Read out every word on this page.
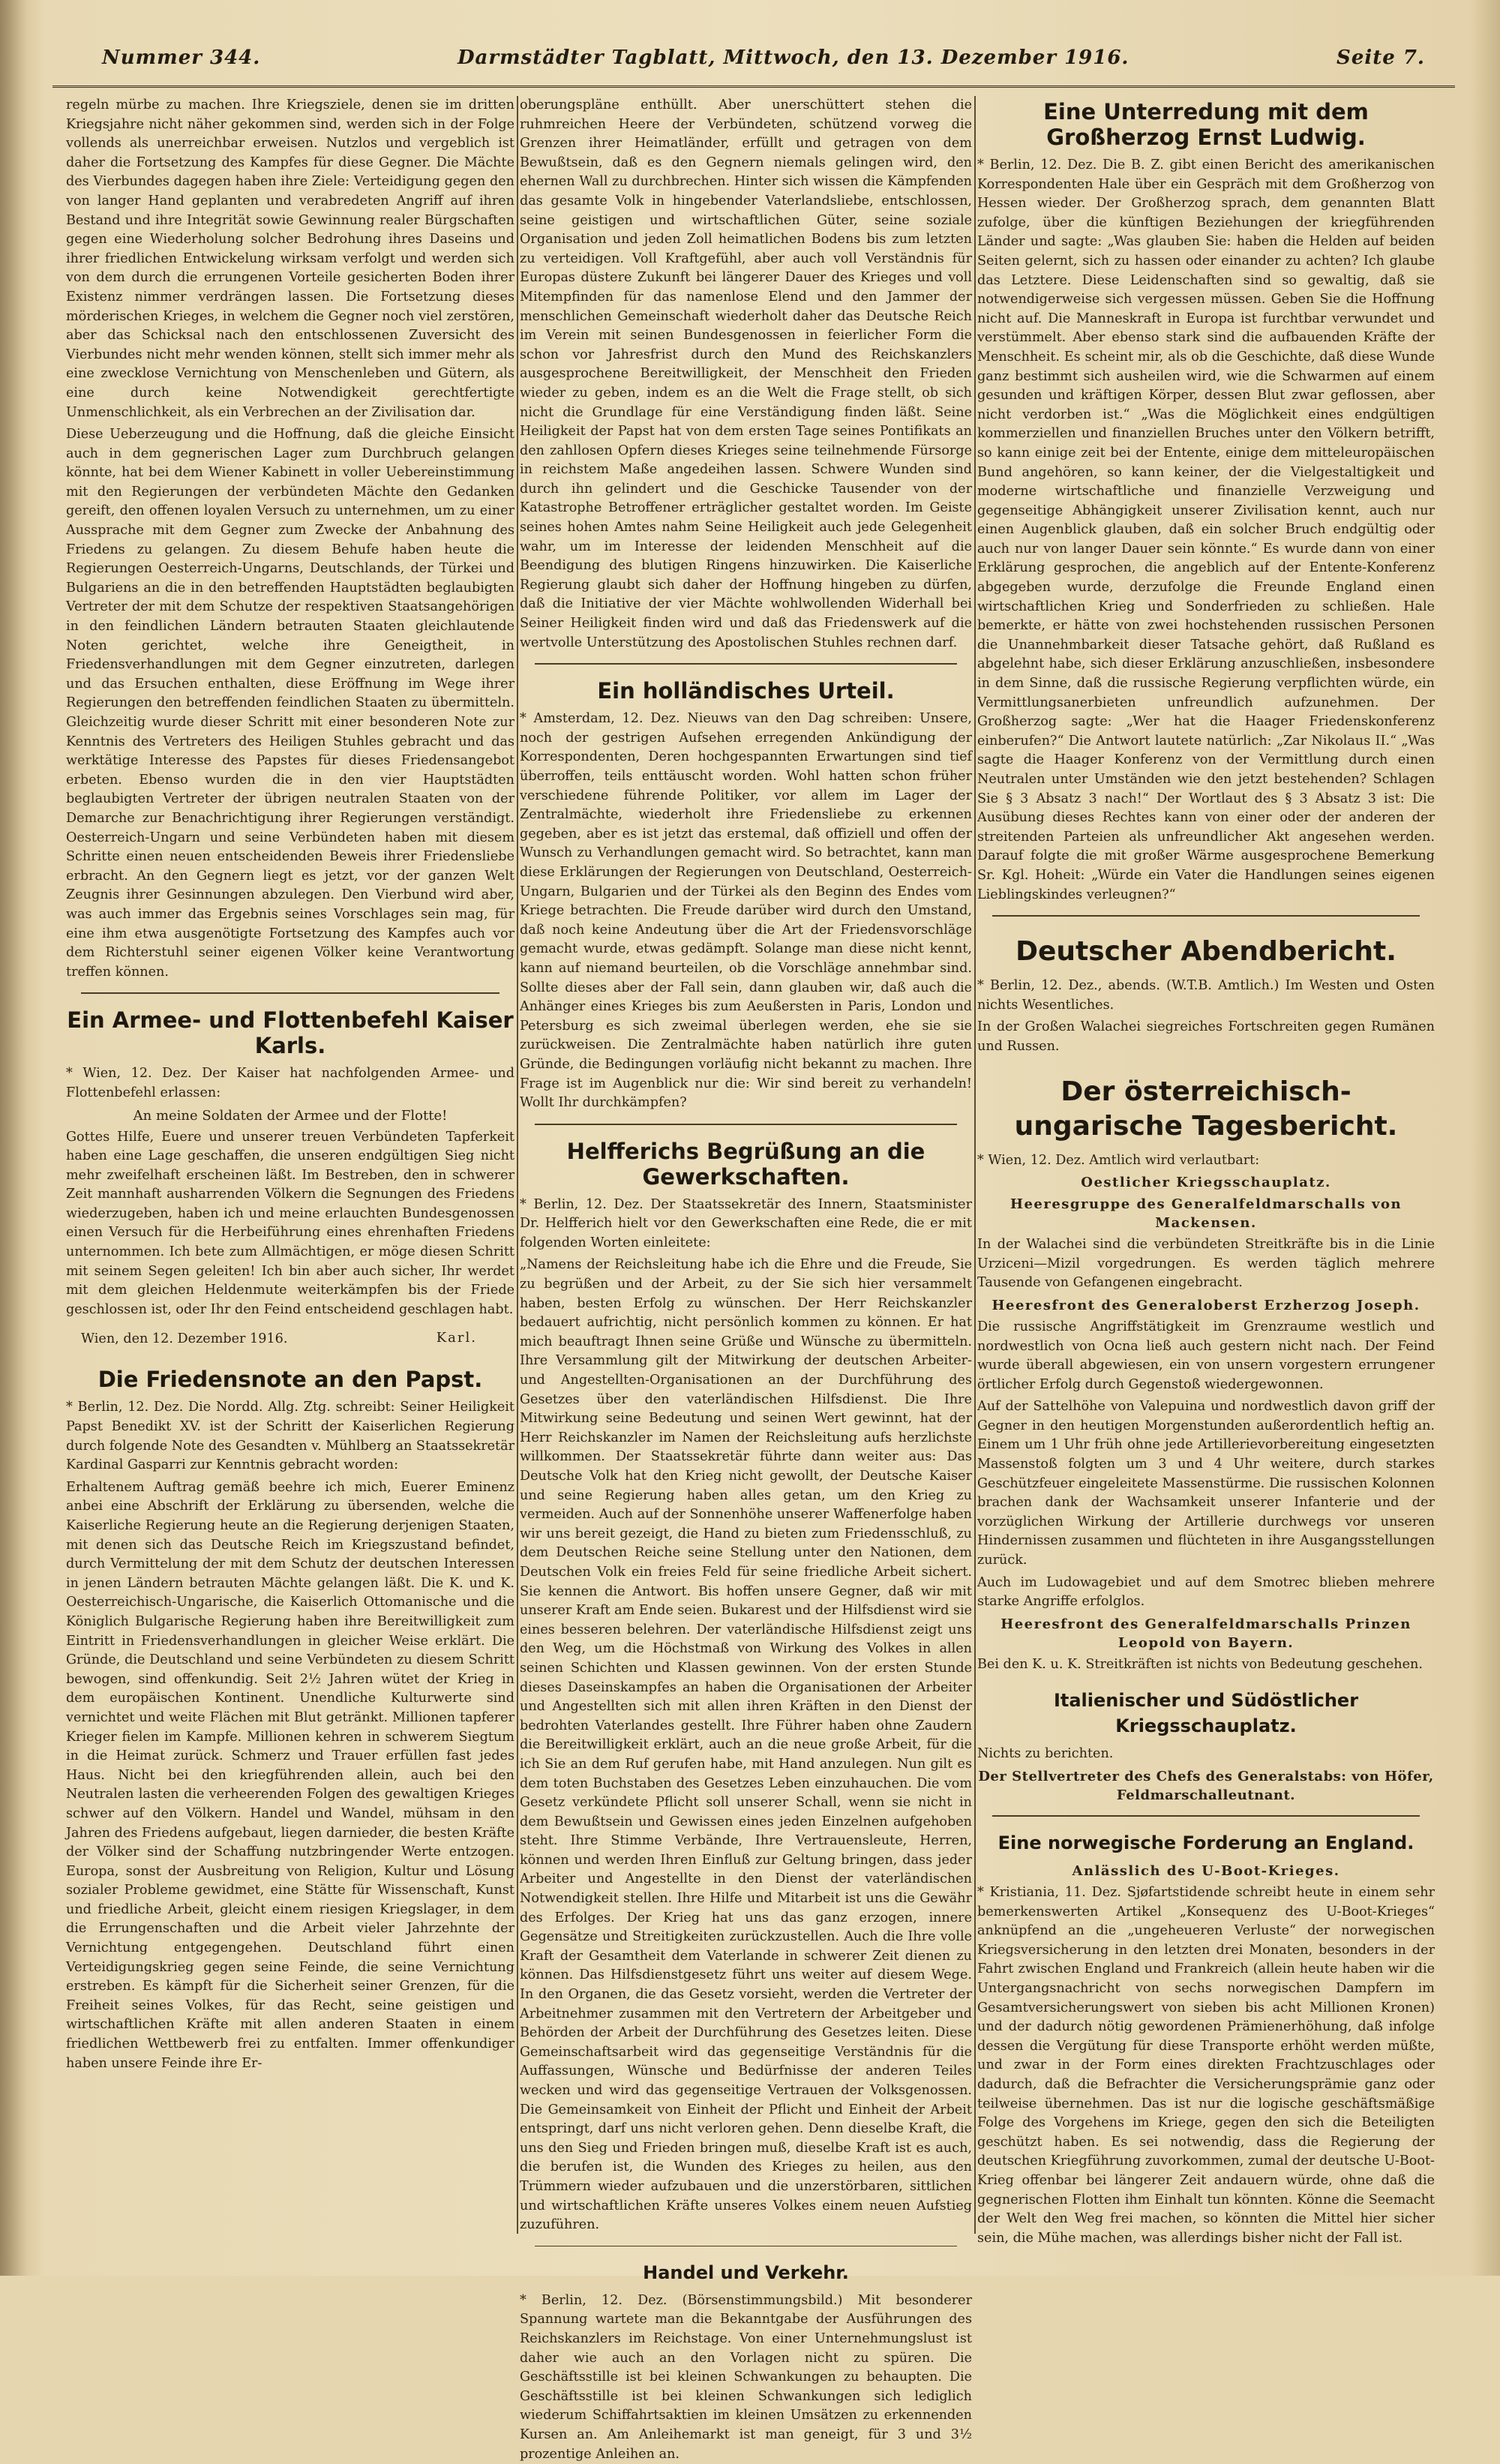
Nummer 344.	Darmstädter Tagblatt, Mittwoch, den 13. Dezember 1916.	Seite 7.

regeln mürbe zu machen. Ihre Kriegsziele, denen sie im dritten Kriegsjahre nicht näher gekommen sind, werden sich in der Folge vollends als unerreichbar erweisen. Nutzlos und vergeblich ist daher die Fortsetzung des Kampfes für diese Gegner. Die Mächte des Vierbundes dagegen haben ihre Ziele: Verteidigung gegen den von langer Hand geplanten und verabredeten Angriff auf ihren Bestand und ihre Integrität sowie Gewinnung realer Bürgschaften gegen eine Wiederholung solcher Bedrohung ihres Daseins und ihrer friedlichen Entwickelung wirksam verfolgt und werden sich von dem durch die errungenen Vorteile gesicherten Boden ihrer Existenz nimmer verdrängen lassen. Die Fortsetzung dieses mörderischen Krieges, in welchem die Gegner noch viel zerstören, aber das Schicksal nach den entschlossenen Zuversicht des Vierbundes nicht mehr wenden können, stellt sich immer mehr als eine zwecklose Vernichtung von Menschenleben und Gütern, als eine durch keine Notwendigkeit gerechtfertigte Unmenschlichkeit, als ein Verbrechen an der Zivilisation dar.

Diese Ueberzeugung und die Hoffnung, daß die gleiche Einsicht auch in dem gegnerischen Lager zum Durchbruch gelangen könnte, hat bei dem Wiener Kabinett in voller Uebereinstimmung mit den Regierungen der verbündeten Mächte den Gedanken gereift, den offenen loyalen Versuch zu unternehmen, um zu einer Aussprache mit dem Gegner zum Zwecke der Anbahnung des Friedens zu gelangen. Zu diesem Behufe haben heute die Regierungen Oesterreich-Ungarns, Deutschlands, der Türkei und Bulgariens an die in den betreffenden Hauptstädten beglaubigten Vertreter der mit dem Schutze der respektiven Staatsangehörigen in den feindlichen Ländern betrauten Staaten gleichlautende Noten gerichtet, welche ihre Geneigtheit, in Friedensverhandlungen mit dem Gegner einzutreten, darlegen und das Ersuchen enthalten, diese Eröffnung im Wege ihrer Regierungen den betreffenden feindlichen Staaten zu übermitteln. Gleichzeitig wurde dieser Schritt mit einer besonderen Note zur Kenntnis des Vertreters des Heiligen Stuhles gebracht und das werktätige Interesse des Papstes für dieses Friedensangebot erbeten. Ebenso wurden die in den vier Hauptstädten beglaubigten Vertreter der übrigen neutralen Staaten von der Demarche zur Benachrichtigung ihrer Regierungen verständigt. Oesterreich-Ungarn und seine Verbündeten haben mit diesem Schritte einen neuen entscheidenden Beweis ihrer Friedensliebe erbracht. An den Gegnern liegt es jetzt, vor der ganzen Welt Zeugnis ihrer Gesinnungen abzulegen. Den Vierbund wird aber, was auch immer das Ergebnis seines Vorschlages sein mag, für eine ihm etwa ausgenötigte Fortsetzung des Kampfes auch vor dem Richterstuhl seiner eigenen Völker keine Verantwortung treffen können.

Ein Armee- und Flottenbefehl Kaiser Karls.

* Wien, 12. Dez. Der Kaiser hat nachfolgenden Armee- und Flottenbefehl erlassen:

An meine Soldaten der Armee und der Flotte!

Gottes Hilfe, Euere und unserer treuen Verbündeten Tapferkeit haben eine Lage geschaffen, die unseren endgültigen Sieg nicht mehr zweifelhaft erscheinen läßt. Im Bestreben, den in schwerer Zeit mannhaft ausharrenden Völkern die Segnungen des Friedens wiederzugeben, haben ich und meine erlauchten Bundesgenossen einen Versuch für die Herbeiführung eines ehrenhaften Friedens unternommen. Ich bete zum Allmächtigen, er möge diesen Schritt mit seinem Segen geleiten! Ich bin aber auch sicher, Ihr werdet mit dem gleichen Heldenmute weiterkämpfen bis der Friede geschlossen ist, oder Ihr den Feind entscheidend geschlagen habt.

Wien, den 12. Dezember 1916.	Karl.
Die Friedensnote an den Papst.

* Berlin, 12. Dez. Die Nordd. Allg. Ztg. schreibt: Seiner Heiligkeit Papst Benedikt XV. ist der Schritt der Kaiserlichen Regierung durch folgende Note des Gesandten v. Mühlberg an Staatssekretär Kardinal Gasparri zur Kenntnis gebracht worden:

Erhaltenem Auftrag gemäß beehre ich mich, Euerer Eminenz anbei eine Abschrift der Erklärung zu übersenden, welche die Kaiserliche Regierung heute an die Regierung derjenigen Staaten, mit denen sich das Deutsche Reich im Kriegszustand befindet, durch Vermittelung der mit dem Schutz der deutschen Interessen in jenen Ländern betrauten Mächte gelangen läßt. Die K. und K. Oesterreichisch-Ungarische, die Kaiserlich Ottomanische und die Königlich Bulgarische Regierung haben ihre Bereitwilligkeit zum Eintritt in Friedensverhandlungen in gleicher Weise erklärt. Die Gründe, die Deutschland und seine Verbündeten zu diesem Schritt bewogen, sind offenkundig. Seit 2½ Jahren wütet der Krieg in dem europäischen Kontinent. Unendliche Kulturwerte sind vernichtet und weite Flächen mit Blut getränkt. Millionen tapferer Krieger fielen im Kampfe. Millionen kehren in schwerem Siegtum in die Heimat zurück. Schmerz und Trauer erfüllen fast jedes Haus. Nicht bei den kriegführenden allein, auch bei den Neutralen lasten die verheerenden Folgen des gewaltigen Krieges schwer auf den Völkern. Handel und Wandel, mühsam in den Jahren des Friedens aufgebaut, liegen darnieder, die besten Kräfte der Völker sind der Schaffung nutzbringender Werte entzogen. Europa, sonst der Ausbreitung von Religion, Kultur und Lösung sozialer Probleme gewidmet, eine Stätte für Wissenschaft, Kunst und friedliche Arbeit, gleicht einem riesigen Kriegslager, in dem die Errungenschaften und die Arbeit vieler Jahrzehnte der Vernichtung entgegengehen. Deutschland führt einen Verteidigungskrieg gegen seine Feinde, die seine Vernichtung erstreben. Es kämpft für die Sicherheit seiner Grenzen, für die Freiheit seines Volkes, für das Recht, seine geistigen und wirtschaftlichen Kräfte mit allen anderen Staaten in einem friedlichen Wettbewerb frei zu entfalten. Immer offenkundiger haben unsere Feinde ihre Er-

oberungspläne enthüllt. Aber unerschüttert stehen die ruhmreichen Heere der Verbündeten, schützend vorweg die Grenzen ihrer Heimatländer, erfüllt und getragen von dem Bewußtsein, daß es den Gegnern niemals gelingen wird, den ehernen Wall zu durchbrechen. Hinter sich wissen die Kämpfenden das gesamte Volk in hingebender Vaterlandsliebe, entschlossen, seine geistigen und wirtschaftlichen Güter, seine soziale Organisation und jeden Zoll heimatlichen Bodens bis zum letzten zu verteidigen. Voll Kraftgefühl, aber auch voll Verständnis für Europas düstere Zukunft bei längerer Dauer des Krieges und voll Mitempfinden für das namenlose Elend und den Jammer der menschlichen Gemeinschaft wiederholt daher das Deutsche Reich im Verein mit seinen Bundesgenossen in feierlicher Form die schon vor Jahresfrist durch den Mund des Reichskanzlers ausgesprochene Bereitwilligkeit, der Menschheit den Frieden wieder zu geben, indem es an die Welt die Frage stellt, ob sich nicht die Grundlage für eine Verständigung finden läßt. Seine Heiligkeit der Papst hat von dem ersten Tage seines Pontifikats an den zahllosen Opfern dieses Krieges seine teilnehmende Fürsorge in reichstem Maße angedeihen lassen. Schwere Wunden sind durch ihn gelindert und die Geschicke Tausender von der Katastrophe Betroffener erträglicher gestaltet worden. Im Geiste seines hohen Amtes nahm Seine Heiligkeit auch jede Gelegenheit wahr, um im Interesse der leidenden Menschheit auf die Beendigung des blutigen Ringens hinzuwirken. Die Kaiserliche Regierung glaubt sich daher der Hoffnung hingeben zu dürfen, daß die Initiative der vier Mächte wohlwollenden Widerhall bei Seiner Heiligkeit finden wird und daß das Friedenswerk auf die wertvolle Unterstützung des Apostolischen Stuhles rechnen darf.

Ein holländisches Urteil.

* Amsterdam, 12. Dez. Nieuws van den Dag schreiben: Unsere, noch der gestrigen Aufsehen erregenden Ankündigung der Korrespondenten, Deren hochgespannten Erwartungen sind tief überroffen, teils enttäuscht worden. Wohl hatten schon früher verschiedene führende Politiker, vor allem im Lager der Zentralmächte, wiederholt ihre Friedensliebe zu erkennen gegeben, aber es ist jetzt das erstemal, daß offiziell und offen der Wunsch zu Verhandlungen gemacht wird. So betrachtet, kann man diese Erklärungen der Regierungen von Deutschland, Oesterreich-Ungarn, Bulgarien und der Türkei als den Beginn des Endes vom Kriege betrachten. Die Freude darüber wird durch den Umstand, daß noch keine Andeutung über die Art der Friedensvorschläge gemacht wurde, etwas gedämpft. Solange man diese nicht kennt, kann auf niemand beurteilen, ob die Vorschläge annehmbar sind. Sollte dieses aber der Fall sein, dann glauben wir, daß auch die Anhänger eines Krieges bis zum Aeußersten in Paris, London und Petersburg es sich zweimal überlegen werden, ehe sie sie zurückweisen. Die Zentralmächte haben natürlich ihre guten Gründe, die Bedingungen vorläufig nicht bekannt zu machen. Ihre Frage ist im Augenblick nur die: Wir sind bereit zu verhandeln! Wollt Ihr durchkämpfen?

Helfferichs Begrüßung an die Gewerkschaften.

* Berlin, 12. Dez. Der Staatssekretär des Innern, Staatsminister Dr. Helfferich hielt vor den Gewerkschaften eine Rede, die er mit folgenden Worten einleitete:

„Namens der Reichsleitung habe ich die Ehre und die Freude, Sie zu begrüßen und der Arbeit, zu der Sie sich hier versammelt haben, besten Erfolg zu wünschen. Der Herr Reichskanzler bedauert aufrichtig, nicht persönlich kommen zu können. Er hat mich beauftragt Ihnen seine Grüße und Wünsche zu übermitteln. Ihre Versammlung gilt der Mitwirkung der deutschen Arbeiter- und Angestellten-Organisationen an der Durchführung des Gesetzes über den vaterländischen Hilfsdienst. Die Ihre Mitwirkung seine Bedeutung und seinen Wert gewinnt, hat der Herr Reichskanzler im Namen der Reichsleitung aufs herzlichste willkommen. Der Staatssekretär führte dann weiter aus: Das Deutsche Volk hat den Krieg nicht gewollt, der Deutsche Kaiser und seine Regierung haben alles getan, um den Krieg zu vermeiden. Auch auf der Sonnenhöhe unserer Waffenerfolge haben wir uns bereit gezeigt, die Hand zu bieten zum Friedensschluß, zu dem Deutschen Reiche seine Stellung unter den Nationen, dem Deutschen Volk ein freies Feld für seine friedliche Arbeit sichert. Sie kennen die Antwort. Bis hoffen unsere Gegner, daß wir mit unserer Kraft am Ende seien. Bukarest und der Hilfsdienst wird sie eines besseren belehren. Der vaterländische Hilfsdienst zeigt uns den Weg, um die Höchstmaß von Wirkung des Volkes in allen seinen Schichten und Klassen gewinnen. Von der ersten Stunde dieses Daseinskampfes an haben die Organisationen der Arbeiter und Angestellten sich mit allen ihren Kräften in den Dienst der bedrohten Vaterlandes gestellt. Ihre Führer haben ohne Zaudern die Bereitwilligkeit erklärt, auch an die neue große Arbeit, für die ich Sie an dem Ruf gerufen habe, mit Hand anzulegen. Nun gilt es dem toten Buchstaben des Gesetzes Leben einzuhauchen. Die vom Gesetz verkündete Pflicht soll unserer Schall, wenn sie nicht in dem Bewußtsein und Gewissen eines jeden Einzelnen aufgehoben steht. Ihre Stimme Verbände, Ihre Vertrauensleute, Herren, können und werden Ihren Einfluß zur Geltung bringen, dass jeder Arbeiter und Angestellte in den Dienst der vaterländischen Notwendigkeit stellen. Ihre Hilfe und Mitarbeit ist uns die Gewähr des Erfolges. Der Krieg hat uns das ganz erzogen, innere Gegensätze und Streitigkeiten zurückzustellen. Auch die Ihre volle Kraft der Gesamtheit dem Vaterlande in schwerer Zeit dienen zu können. Das Hilfsdienstgesetz führt uns weiter auf diesem Wege. In den Organen, die das Gesetz vorsieht, werden die Vertreter der Arbeitnehmer zusammen mit den Vertretern der Arbeitgeber und Behörden der Arbeit der Durchführung des Gesetzes leiten. Diese Gemeinschaftsarbeit wird das gegenseitige Verständnis für die Auffassungen, Wünsche und Bedürfnisse der anderen Teiles wecken und wird das gegenseitige Vertrauen der Volksgenossen. Die Gemeinsamkeit von Einheit der Pflicht und Einheit der Arbeit entspringt, darf uns nicht verloren gehen. Denn dieselbe Kraft, die uns den Sieg und Frieden bringen muß, dieselbe Kraft ist es auch, die berufen ist, die Wunden des Krieges zu heilen, aus den Trümmern wieder aufzubauen und die unzerstörbaren, sittlichen und wirtschaftlichen Kräfte unseres Volkes einem neuen Aufstieg zuzuführen.

Handel und Verkehr.

* Berlin, 12. Dez. (Börsenstimmungsbild.) Mit besonderer Spannung wartete man die Bekanntgabe der Ausführungen des Reichskanzlers im Reichstage. Von einer Unternehmungslust ist daher wie auch an den Vorlagen nicht zu spüren. Die Geschäftsstille ist bei kleinen Schwankungen zu behaupten. Die Geschäftsstille ist bei kleinen Schwankungen sich lediglich wiederum Schiffahrtsaktien im kleinen Umsätzen zu erkennenden Kursen an. Am Anleihemarkt ist man geneigt, für 3 und 3½ prozentige Anleihen an.

Eine Unterredung mit dem Großherzog Ernst Ludwig.

* Berlin, 12. Dez. Die B. Z. gibt einen Bericht des amerikanischen Korrespondenten Hale über ein Gespräch mit dem Großherzog von Hessen wieder. Der Großherzog sprach, dem genannten Blatt zufolge, über die künftigen Beziehungen der kriegführenden Länder und sagte: „Was glauben Sie: haben die Helden auf beiden Seiten gelernt, sich zu hassen oder einander zu achten? Ich glaube das Letztere. Diese Leidenschaften sind so gewaltig, daß sie notwendigerweise sich vergessen müssen. Geben Sie die Hoffnung nicht auf. Die Manneskraft in Europa ist furchtbar verwundet und verstümmelt. Aber ebenso stark sind die aufbauenden Kräfte der Menschheit. Es scheint mir, als ob die Geschichte, daß diese Wunde ganz bestimmt sich ausheilen wird, wie die Schwarmen auf einem gesunden und kräftigen Körper, dessen Blut zwar geflossen, aber nicht verdorben ist.“ „Was die Möglichkeit eines endgültigen kommerziellen und finanziellen Bruches unter den Völkern betrifft, so kann einige zeit bei der Entente, einige dem mitteleuropäischen Bund angehören, so kann keiner, der die Vielgestaltigkeit und moderne wirtschaftliche und finanzielle Verzweigung und gegenseitige Abhängigkeit unserer Zivilisation kennt, auch nur einen Augenblick glauben, daß ein solcher Bruch endgültig oder auch nur von langer Dauer sein könnte.“ Es wurde dann von einer Erklärung gesprochen, die angeblich auf der Entente-Konferenz abgegeben wurde, derzufolge die Freunde England einen wirtschaftlichen Krieg und Sonderfrieden zu schließen. Hale bemerkte, er hätte von zwei hochstehenden russischen Personen die Unannehmbarkeit dieser Tatsache gehört, daß Rußland es abgelehnt habe, sich dieser Erklärung anzuschließen, insbesondere in dem Sinne, daß die russische Regierung verpflichten würde, ein Vermittlungsanerbieten unfreundlich aufzunehmen. Der Großherzog sagte: „Wer hat die Haager Friedenskonferenz einberufen?“ Die Antwort lautete natürlich: „Zar Nikolaus II.“ „Was sagte die Haager Konferenz von der Vermittlung durch einen Neutralen unter Umständen wie den jetzt bestehenden? Schlagen Sie § 3 Absatz 3 nach!“ Der Wortlaut des § 3 Absatz 3 ist: Die Ausübung dieses Rechtes kann von einer oder der anderen der streitenden Parteien als unfreundlicher Akt angesehen werden. Darauf folgte die mit großer Wärme ausgesprochene Bemerkung Sr. Kgl. Hoheit: „Würde ein Vater die Handlungen seines eigenen Lieblingskindes verleugnen?“

Deutscher Abendbericht.

* Berlin, 12. Dez., abends. (W.T.B. Amtlich.) Im Westen und Osten nichts Wesentliches.

In der Großen Walachei siegreiches Fortschreiten gegen Rumänen und Russen.

Der österreichisch-ungarische Tagesbericht.

* Wien, 12. Dez. Amtlich wird verlautbart:

Oestlicher Kriegsschauplatz.

Heeresgruppe des Generalfeldmarschalls von Mackensen.

In der Walachei sind die verbündeten Streitkräfte bis in die Linie Urziceni—Mizil vorgedrungen. Es werden täglich mehrere Tausende von Gefangenen eingebracht.

Heeresfront des Generaloberst Erzherzog Joseph.

Die russische Angriffstätigkeit im Grenzraume westlich und nordwestlich von Ocna ließ auch gestern nicht nach. Der Feind wurde überall abgewiesen, ein von unsern vorgestern errungener örtlicher Erfolg durch Gegenstoß wiedergewonnen.

Auf der Sattelhöhe von Valepuina und nordwestlich davon griff der Gegner in den heutigen Morgenstunden außerordentlich heftig an. Einem um 1 Uhr früh ohne jede Artillerievorbereitung eingesetzten Massenstoß folgten um 3 und 4 Uhr weitere, durch starkes Geschützfeuer eingeleitete Massenstürme. Die russischen Kolonnen brachen dank der Wachsamkeit unserer Infanterie und der vorzüglichen Wirkung der Artillerie durchwegs vor unseren Hindernissen zusammen und flüchteten in ihre Ausgangsstellungen zurück.

Auch im Ludowagebiet und auf dem Smotrec blieben mehrere starke Angriffe erfolglos.

Heeresfront des Generalfeldmarschalls Prinzen Leopold von Bayern.

Bei den K. u. K. Streitkräften ist nichts von Bedeutung geschehen.

Italienischer und Südöstlicher Kriegsschauplatz.

Nichts zu berichten.

Der Stellvertreter des Chefs des Generalstabs: von Höfer, Feldmarschalleutnant.

Eine norwegische Forderung an England.

Anlässlich des U-Boot-Krieges.

* Kristiania, 11. Dez. Sjøfartstidende schreibt heute in einem sehr bemerkenswerten Artikel „Konsequenz des U-Boot-Krieges“ anknüpfend an die „ungeheueren Verluste“ der norwegischen Kriegsversicherung in den letzten drei Monaten, besonders in der Fahrt zwischen England und Frankreich (allein heute haben wir die Untergangsnachricht von sechs norwegischen Dampfern im Gesamtversicherungswert von sieben bis acht Millionen Kronen) und der dadurch nötig gewordenen Prämienerhöhung, daß infolge dessen die Vergütung für diese Transporte erhöht werden müßte, und zwar in der Form eines direkten Frachtzuschlages oder dadurch, daß die Befrachter die Versicherungsprämie ganz oder teilweise übernehmen. Das ist nur die logische geschäftsmäßige Folge des Vorgehens im Kriege, gegen den sich die Beteiligten geschützt haben. Es sei notwendig, dass die Regierung der deutschen Kriegführung zuvorkommen, zumal der deutsche U-Boot-Krieg offenbar bei längerer Zeit andauern würde, ohne daß die gegnerischen Flotten ihm Einhalt tun könnten. Könne die Seemacht der Welt den Weg frei machen, so könnten die Mittel hier sicher sein, die Mühe machen, was allerdings bisher nicht der Fall ist.
